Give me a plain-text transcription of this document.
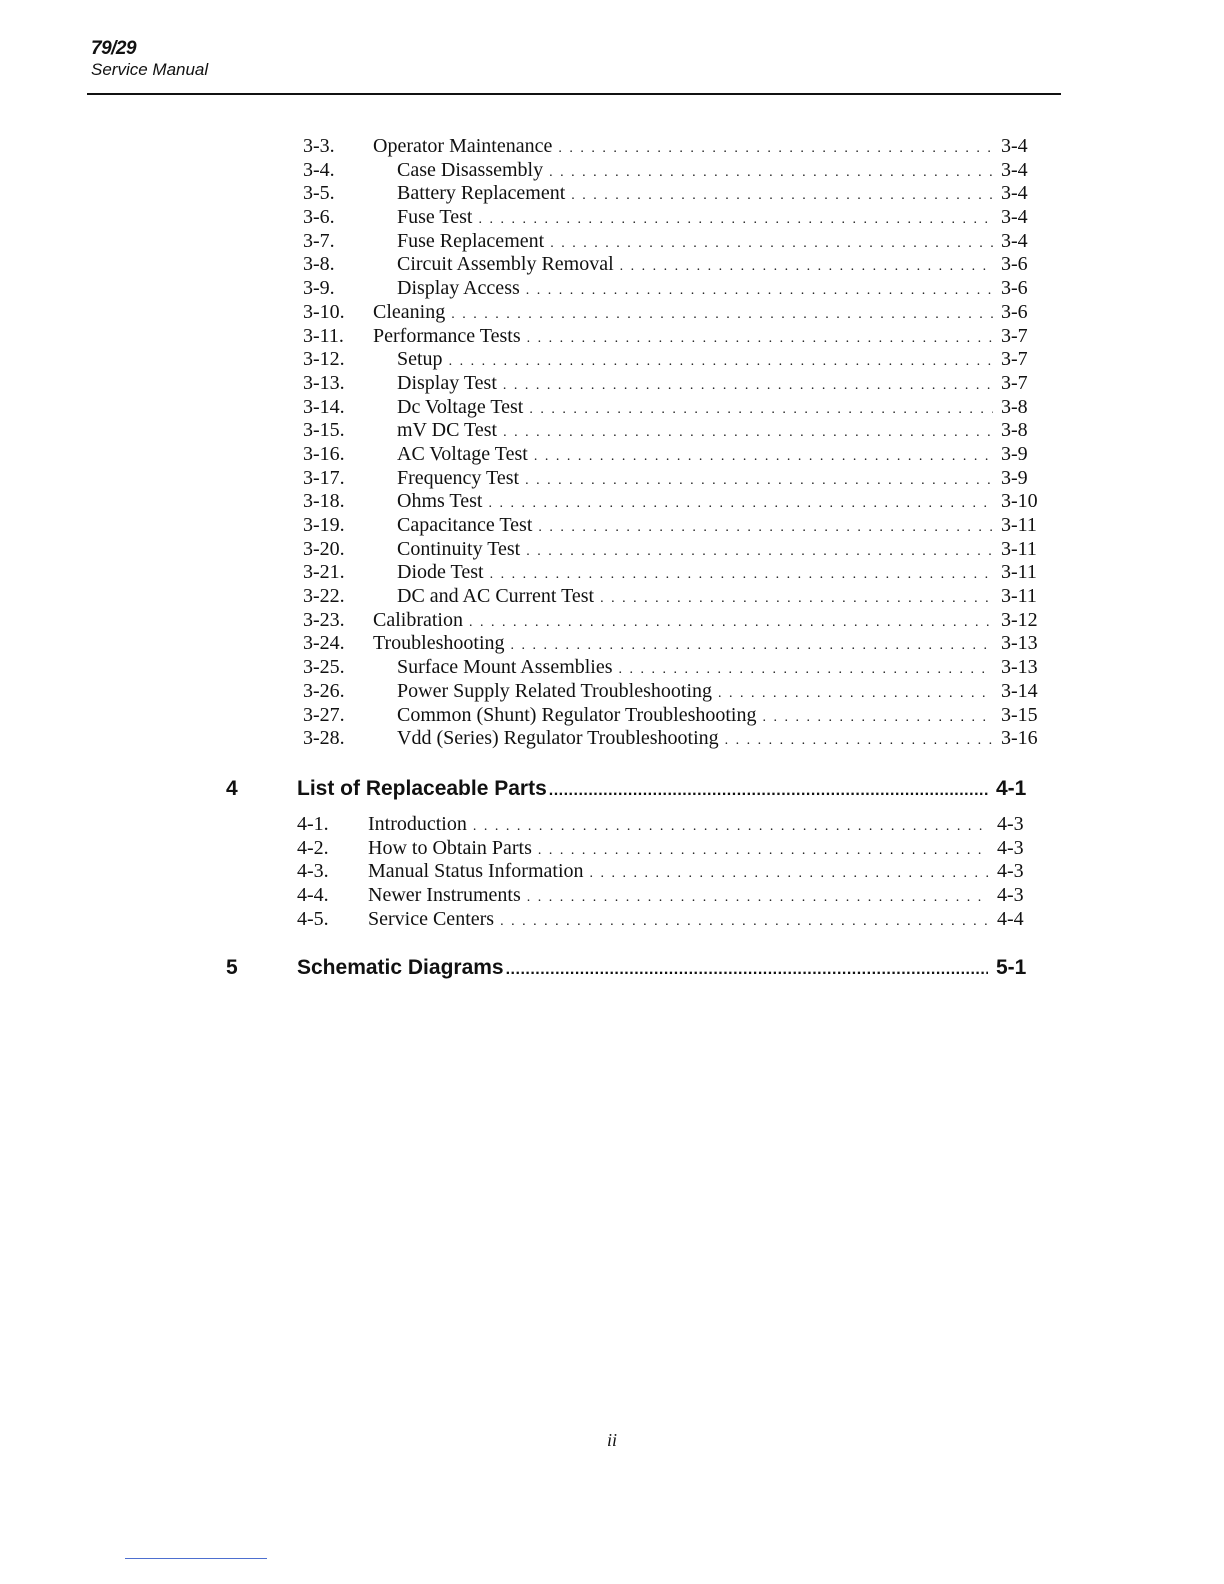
79/29
Service Manual
3-3. Operator Maintenance . . .	3-4
3-4.	Case Disassembly . . .	3-4
3-5.	Battery Replacement . . .	3-4
3-6.	Fuse Test . . .	3-4
3-7.	Fuse Replacement . . .	3-4
3-8.	Circuit Assembly Removal . . .	3-6
3-9.	Display Access . . .	3-6
3-10. Cleaning . . .	3-6
3-11. Performance Tests . . .	3-7
3-12.	Setup . . .	3-7
3-13.	Display Test . . .	3-7
3-14.	Dc Voltage Test . . .	3-8
3-15.	mV DC Test . . .	3-8
3-16.	AC Voltage Test . . .	3-9
3-17.	Frequency Test . . .	3-9
3-18.	Ohms Test . . .	3-10
3-19.	Capacitance Test . . .	3-11
3-20.	Continuity Test . . .	3-11
3-21.	Diode Test . . .	3-11
3-22.	DC and AC Current Test . . .	3-11
3-23. Calibration . . .	3-12
3-24. Troubleshooting . . .	3-13
3-25.	Surface Mount Assemblies . . .	3-13
3-26.	Power Supply Related Troubleshooting . . .	3-14
3-27.	Common (Shunt) Regulator Troubleshooting . . .	3-15
3-28.	Vdd (Series) Regulator Troubleshooting . . .	3-16
4	List of Replaceable Parts .....	4-1
4-1. Introduction . . .	4-3
4-2. How to Obtain Parts . . .	4-3
4-3. Manual Status Information . . .	4-3
4-4. Newer Instruments . . .	4-3
4-5. Service Centers . . .	4-4
5	Schematic Diagrams .....	5-1
ii
